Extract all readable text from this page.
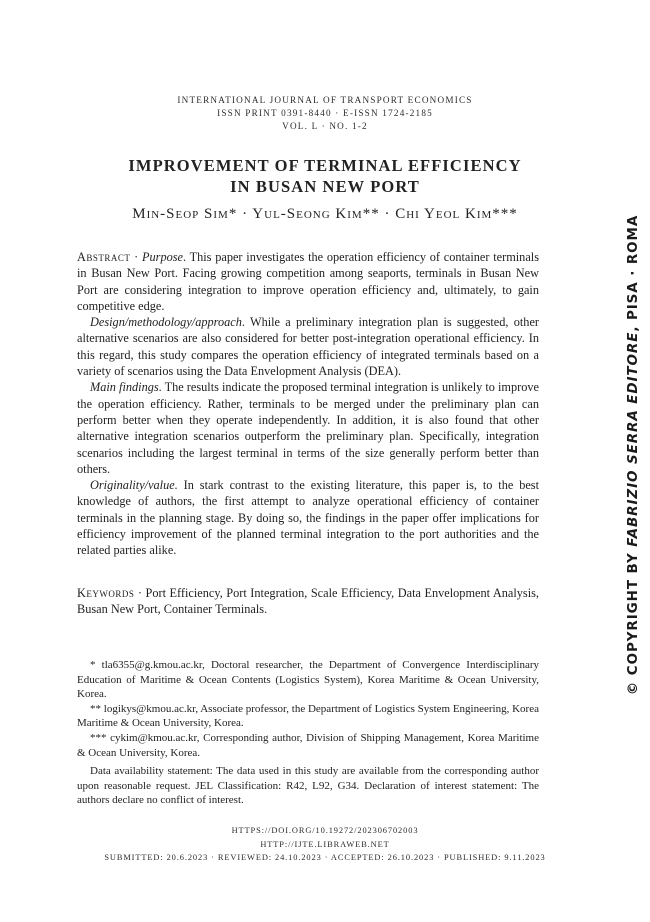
INTERNATIONAL JOURNAL OF TRANSPORT ECONOMICS
ISSN PRINT 0391-8440 · E-ISSN 1724-2185
VOL. L · NO. 1-2
IMPROVEMENT OF TERMINAL EFFICIENCY
IN BUSAN NEW PORT
Min-Seop Sim* · Yul-Seong Kim** · Chi Yeol Kim***

Abstract · Purpose. This paper investigates the operation efficiency of container terminals in Busan New Port. Facing growing competition among seaports, terminals in Busan New Port are considering integration to improve operation efficiency and, ultimately, to gain competitive edge.

Design/methodology/approach. While a preliminary integration plan is suggested, other alternative scenarios are also considered for better post-integration operational efficiency. In this regard, this study compares the operation efficiency of integrated terminals based on a variety of scenarios using the Data Envelopment Analysis (DEA).

Main findings. The results indicate the proposed terminal integration is unlikely to improve the operation efficiency. Rather, terminals to be merged under the preliminary plan can perform better when they operate independently. In addition, it is also found that other alternative integration scenarios outperform the preliminary plan. Specifically, integration scenarios including the largest terminal in terms of the size generally perform better than others.

Originality/value. In stark contrast to the existing literature, this paper is, to the best knowledge of authors, the first attempt to analyze operational efficiency of container terminals in the planning stage. By doing so, the findings in the paper offer implications for efficiency improvement of the planned terminal integration to the port authorities and the related parties alike.

Keywords · Port Efficiency, Port Integration, Scale Efficiency, Data Envelopment Analysis, Busan New Port, Container Terminals.

* tla6355@g.kmou.ac.kr, Doctoral researcher, the Department of Convergence Interdisciplinary Education of Maritime & Ocean Contents (Logistics System), Korea Maritime & Ocean University, Korea.

** logikys@kmou.ac.kr, Associate professor, the Department of Logistics System Engineering, Korea Maritime & Ocean University, Korea.

*** cykim@kmou.ac.kr, Corresponding author, Division of Shipping Management, Korea Maritime & Ocean University, Korea.

Data availability statement: The data used in this study are available from the corresponding author upon reasonable request. JEL Classification: R42, L92, G34. Declaration of interest statement: The authors declare no conflict of interest.

HTTPS://DOI.ORG/10.19272/202306702003
HTTP://IJTE.LIBRAWEB.NET
SUBMITTED: 20.6.2023 · REVIEWED: 24.10.2023 · ACCEPTED: 26.10.2023 · PUBLISHED: 9.11.2023
© COPYRIGHT BY FABRIZIO SERRA EDITORE, PISA · ROMA
